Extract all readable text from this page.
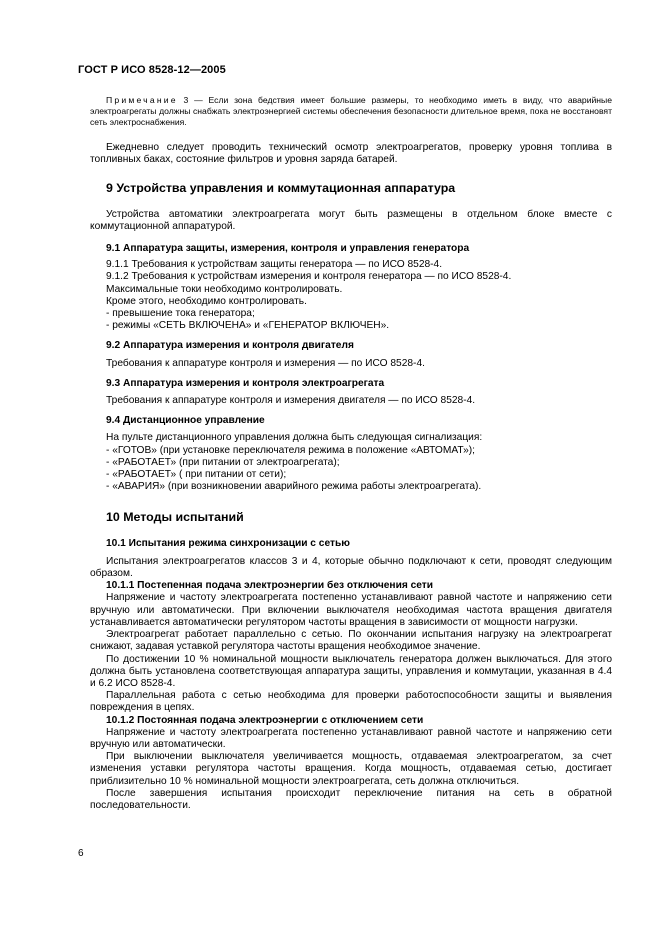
ГОСТ Р ИСО 8528-12—2005

Примечание 3 — Если зона бедствия имеет большие размеры, то необходимо иметь в виду, что аварийные электроагрегаты должны снабжать электроэнергией системы обеспечения безопасности длительное время, пока не восстановят сеть электроснабжения.

Ежедневно следует проводить технический осмотр электроагрегатов, проверку уровня топлива в топливных баках, состояние фильтров и уровня заряда батарей.

9 Устройства управления и коммутационная аппаратура

Устройства автоматики электроагрегата могут быть размещены в отдельном блоке вместе с коммутационной аппаратурой.

9.1 Аппаратура защиты, измерения, контроля и управления генератора

9.1.1 Требования к устройствам защиты генератора — по ИСО 8528-4.

9.1.2 Требования к устройствам измерения и контроля генератора — по ИСО 8528-4.

Максимальные токи необходимо контролировать.

Кроме этого, необходимо контролировать.

- превышение тока генератора;

- режимы «СЕТЬ ВКЛЮЧЕНА» и «ГЕНЕРАТОР ВКЛЮЧЕН».

9.2 Аппаратура измерения и контроля двигателя

Требования к аппаратуре контроля и измерения — по ИСО 8528-4.

9.3 Аппаратура измерения и контроля электроагрегата

Требования к аппаратуре контроля и измерения двигателя — по ИСО 8528-4.

9.4 Дистанционное управление

На пульте дистанционного управления должна быть следующая сигнализация:

- «ГОТОВ» (при установке переключателя режима в положение «АВТОМАТ»);

- «РАБОТАЕТ» (при питании от электроагрегата);

- «РАБОТАЕТ» ( при питании от сети);

- «АВАРИЯ» (при возникновении аварийного режима работы электроагрегата).

10 Методы испытаний

10.1 Испытания режима синхронизации с сетью

Испытания электроагрегатов классов 3 и 4, которые обычно подключают к сети, проводят следующим образом.

10.1.1 Постепенная подача электроэнергии без отключения сети

Напряжение и частоту электроагрегата постепенно устанавливают равной частоте и напряжению сети вручную или автоматически. При включении выключателя необходимая частота вращения двигателя устанавливается автоматически регулятором частоты вращения в зависимости от мощности нагрузки.

Электроагрегат работает параллельно с сетью. По окончании испытания нагрузку на электроагрегат снижают, задавая уставкой регулятора частоты вращения необходимое значение.

По достижении 10 % номинальной мощности выключатель генератора должен выключаться. Для этого должна быть установлена соответствующая аппаратура защиты, управления и коммутации, указанная в 4.4 и 6.2 ИСО 8528-4.

Параллельная работа с сетью необходима для проверки работоспособности защиты и выявления повреждения в цепях.

10.1.2 Постоянная подача электроэнергии с отключением сети

Напряжение и частоту электроагрегата постепенно устанавливают равной частоте и напряжению сети вручную или автоматически.

При выключении выключателя увеличивается мощность, отдаваемая электроагрегатом, за счет изменения уставки регулятора частоты вращения. Когда мощность, отдаваемая сетью, достигает приблизительно 10 % номинальной мощности электроагрегата, сеть должна отключиться.

После завершения испытания происходит переключение питания на сеть в обратной последовательности.

6
